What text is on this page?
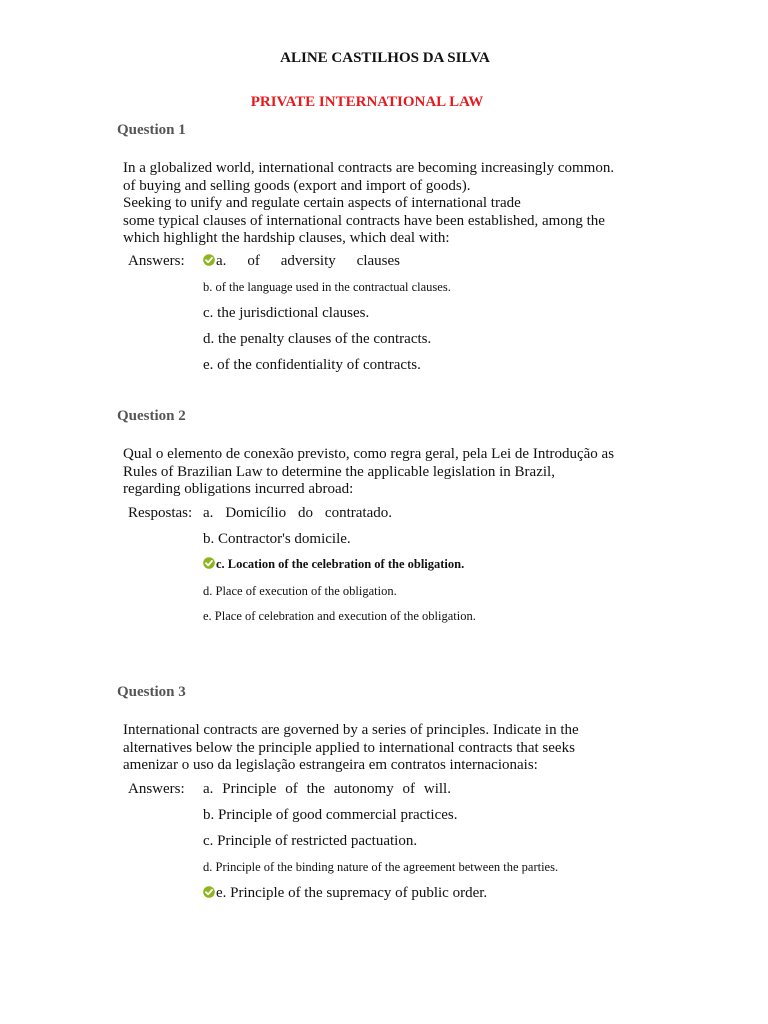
ALINE CASTILHOS DA SILVA
PRIVATE INTERNATIONAL LAW
Question 1
In a globalized world, international contracts are becoming increasingly common.
of buying and selling goods (export and import of goods).
Seeking to unify and regulate certain aspects of international trade
some typical clauses of international contracts have been established, among the
which highlight the hardship clauses, which deal with:
Answers:	a. of adversity clauses
b. of the language used in the contractual clauses.
c. the jurisdictional clauses.
d. the penalty clauses of the contracts.
e. of the confidentiality of contracts.
Question 2
Qual o elemento de conexão previsto, como regra geral, pela Lei de Introdução as
Rules of Brazilian Law to determine the applicable legislation in Brazil,
regarding obligations incurred abroad:
Respostas: a. Domicílio do contratado.
b. Contractor's domicile.
c. Location of the celebration of the obligation.
d. Place of execution of the obligation.
e. Place of celebration and execution of the obligation.
Question 3
International contracts are governed by a series of principles. Indicate in the
alternatives below the principle applied to international contracts that seeks
amenizar o uso da legislação estrangeira em contratos internacionais:
Answers: a. Principle of the autonomy of will.
b. Principle of good commercial practices.
c. Principle of restricted pactuation.
d. Principle of the binding nature of the agreement between the parties.
e. Principle of the supremacy of public order.
